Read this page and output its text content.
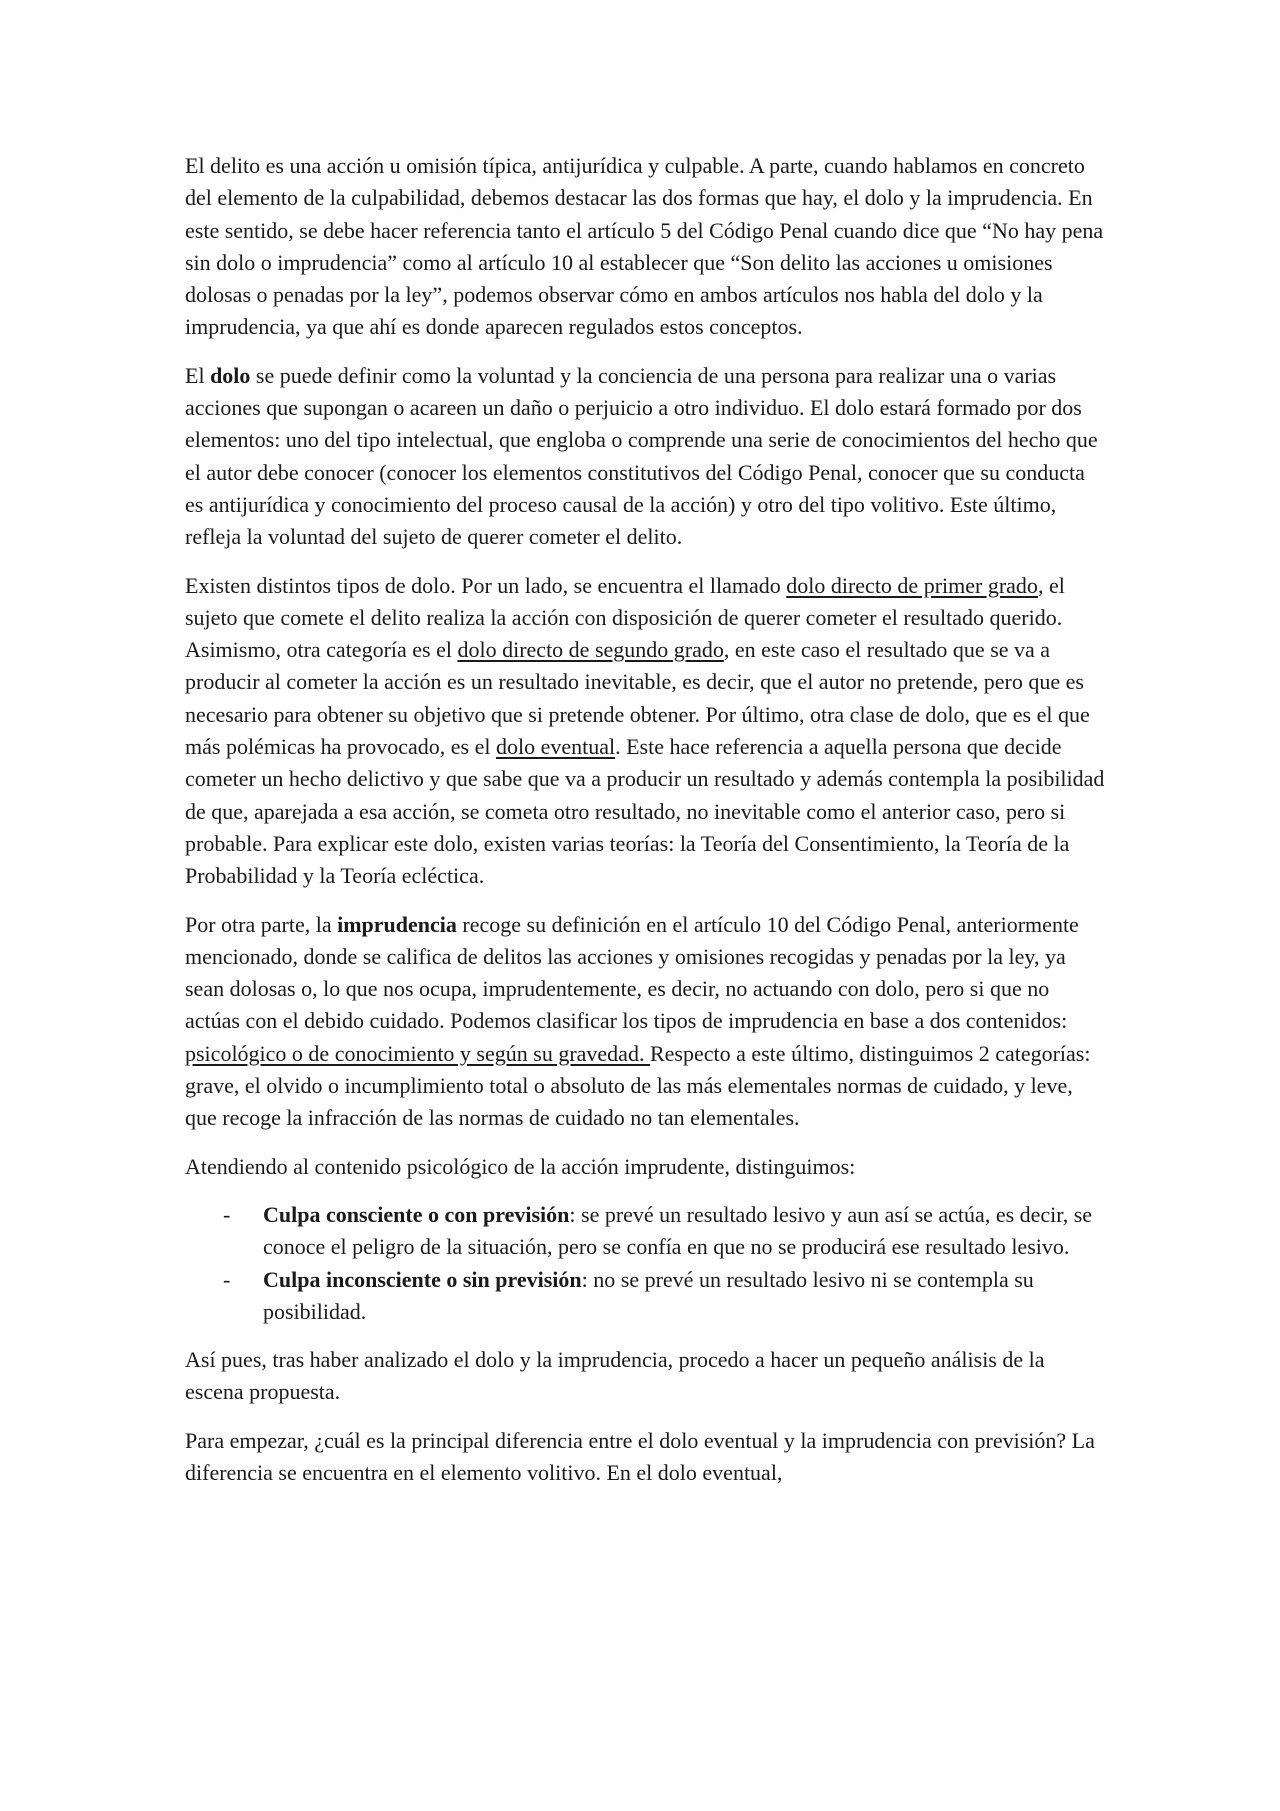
El delito es una acción u omisión típica, antijurídica y culpable. A parte, cuando hablamos en concreto del elemento de la culpabilidad, debemos destacar las dos formas que hay, el dolo y la imprudencia. En este sentido, se debe hacer referencia tanto el artículo 5 del Código Penal cuando dice que “No hay pena sin dolo o imprudencia” como al artículo 10 al establecer que “Son delito las acciones u omisiones dolosas o penadas por la ley”, podemos observar cómo en ambos artículos nos habla del dolo y la imprudencia, ya que ahí es donde aparecen regulados estos conceptos.

El dolo se puede definir como la voluntad y la conciencia de una persona para realizar una o varias acciones que supongan o acareen un daño o perjuicio a otro individuo. El dolo estará formado por dos elementos: uno del tipo intelectual, que engloba o comprende una serie de conocimientos del hecho que el autor debe conocer (conocer los elementos constitutivos del Código Penal, conocer que su conducta es antijurídica y conocimiento del proceso causal de la acción) y otro del tipo volitivo. Este último, refleja la voluntad del sujeto de querer cometer el delito.

Existen distintos tipos de dolo. Por un lado, se encuentra el llamado dolo directo de primer grado, el sujeto que comete el delito realiza la acción con disposición de querer cometer el resultado querido. Asimismo, otra categoría es el dolo directo de segundo grado, en este caso el resultado que se va a producir al cometer la acción es un resultado inevitable, es decir, que el autor no pretende, pero que es necesario para obtener su objetivo que si pretende obtener. Por último, otra clase de dolo, que es el que más polémicas ha provocado, es el dolo eventual. Este hace referencia a aquella persona que decide cometer un hecho delictivo y que sabe que va a producir un resultado y además contempla la posibilidad de que, aparejada a esa acción, se cometa otro resultado, no inevitable como el anterior caso, pero si probable. Para explicar este dolo, existen varias teorías: la Teoría del Consentimiento, la Teoría de la Probabilidad y la Teoría ecléctica.

Por otra parte, la imprudencia recoge su definición en el artículo 10 del Código Penal, anteriormente mencionado, donde se califica de delitos las acciones y omisiones recogidas y penadas por la ley, ya sean dolosas o, lo que nos ocupa, imprudentemente, es decir, no actuando con dolo, pero si que no actúas con el debido cuidado. Podemos clasificar los tipos de imprudencia en base a dos contenidos: psicológico o de conocimiento y según su gravedad. Respecto a este último, distinguimos 2 categorías: grave, el olvido o incumplimiento total o absoluto de las más elementales normas de cuidado, y leve, que recoge la infracción de las normas de cuidado no tan elementales.

Atendiendo al contenido psicológico de la acción imprudente, distinguimos:

- Culpa consciente o con previsión: se prevé un resultado lesivo y aun así se actúa, es decir, se conoce el peligro de la situación, pero se confía en que no se producirá ese resultado lesivo.
- Culpa inconsciente o sin previsión: no se prevé un resultado lesivo ni se contempla su posibilidad.

Así pues, tras haber analizado el dolo y la imprudencia, procedo a hacer un pequeño análisis de la escena propuesta.

Para empezar, ¿cuál es la principal diferencia entre el dolo eventual y la imprudencia con previsión? La diferencia se encuentra en el elemento volitivo. En el dolo eventual,
